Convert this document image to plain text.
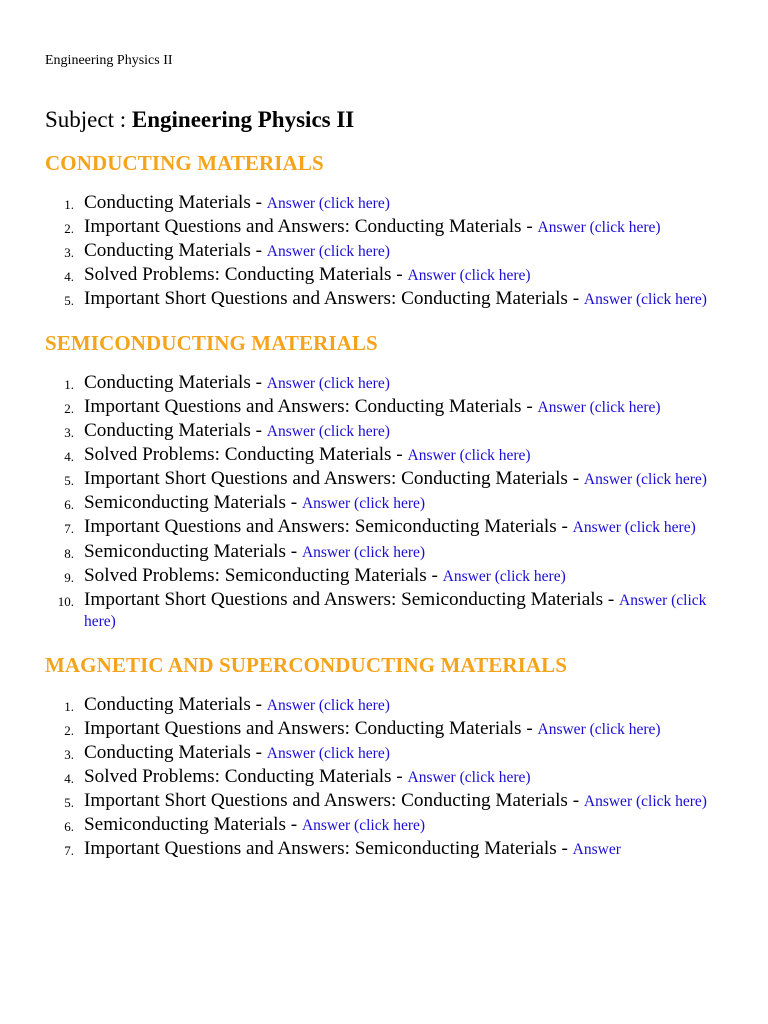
Engineering Physics II
Subject : Engineering Physics II
CONDUCTING MATERIALS
1. Conducting Materials - Answer (click here)
2. Important Questions and Answers: Conducting Materials - Answer (click here)
3. Conducting Materials - Answer (click here)
4. Solved Problems: Conducting Materials - Answer (click here)
5. Important Short Questions and Answers: Conducting Materials - Answer (click here)
SEMICONDUCTING MATERIALS
1. Conducting Materials - Answer (click here)
2. Important Questions and Answers: Conducting Materials - Answer (click here)
3. Conducting Materials - Answer (click here)
4. Solved Problems: Conducting Materials - Answer (click here)
5. Important Short Questions and Answers: Conducting Materials - Answer (click here)
6. Semiconducting Materials - Answer (click here)
7. Important Questions and Answers: Semiconducting Materials - Answer (click here)
8. Semiconducting Materials - Answer (click here)
9. Solved Problems: Semiconducting Materials - Answer (click here)
10. Important Short Questions and Answers: Semiconducting Materials - Answer (click here)
MAGNETIC AND SUPERCONDUCTING MATERIALS
1. Conducting Materials - Answer (click here)
2. Important Questions and Answers: Conducting Materials - Answer (click here)
3. Conducting Materials - Answer (click here)
4. Solved Problems: Conducting Materials - Answer (click here)
5. Important Short Questions and Answers: Conducting Materials - Answer (click here)
6. Semiconducting Materials - Answer (click here)
7. Important Questions and Answers: Semiconducting Materials - Answer
